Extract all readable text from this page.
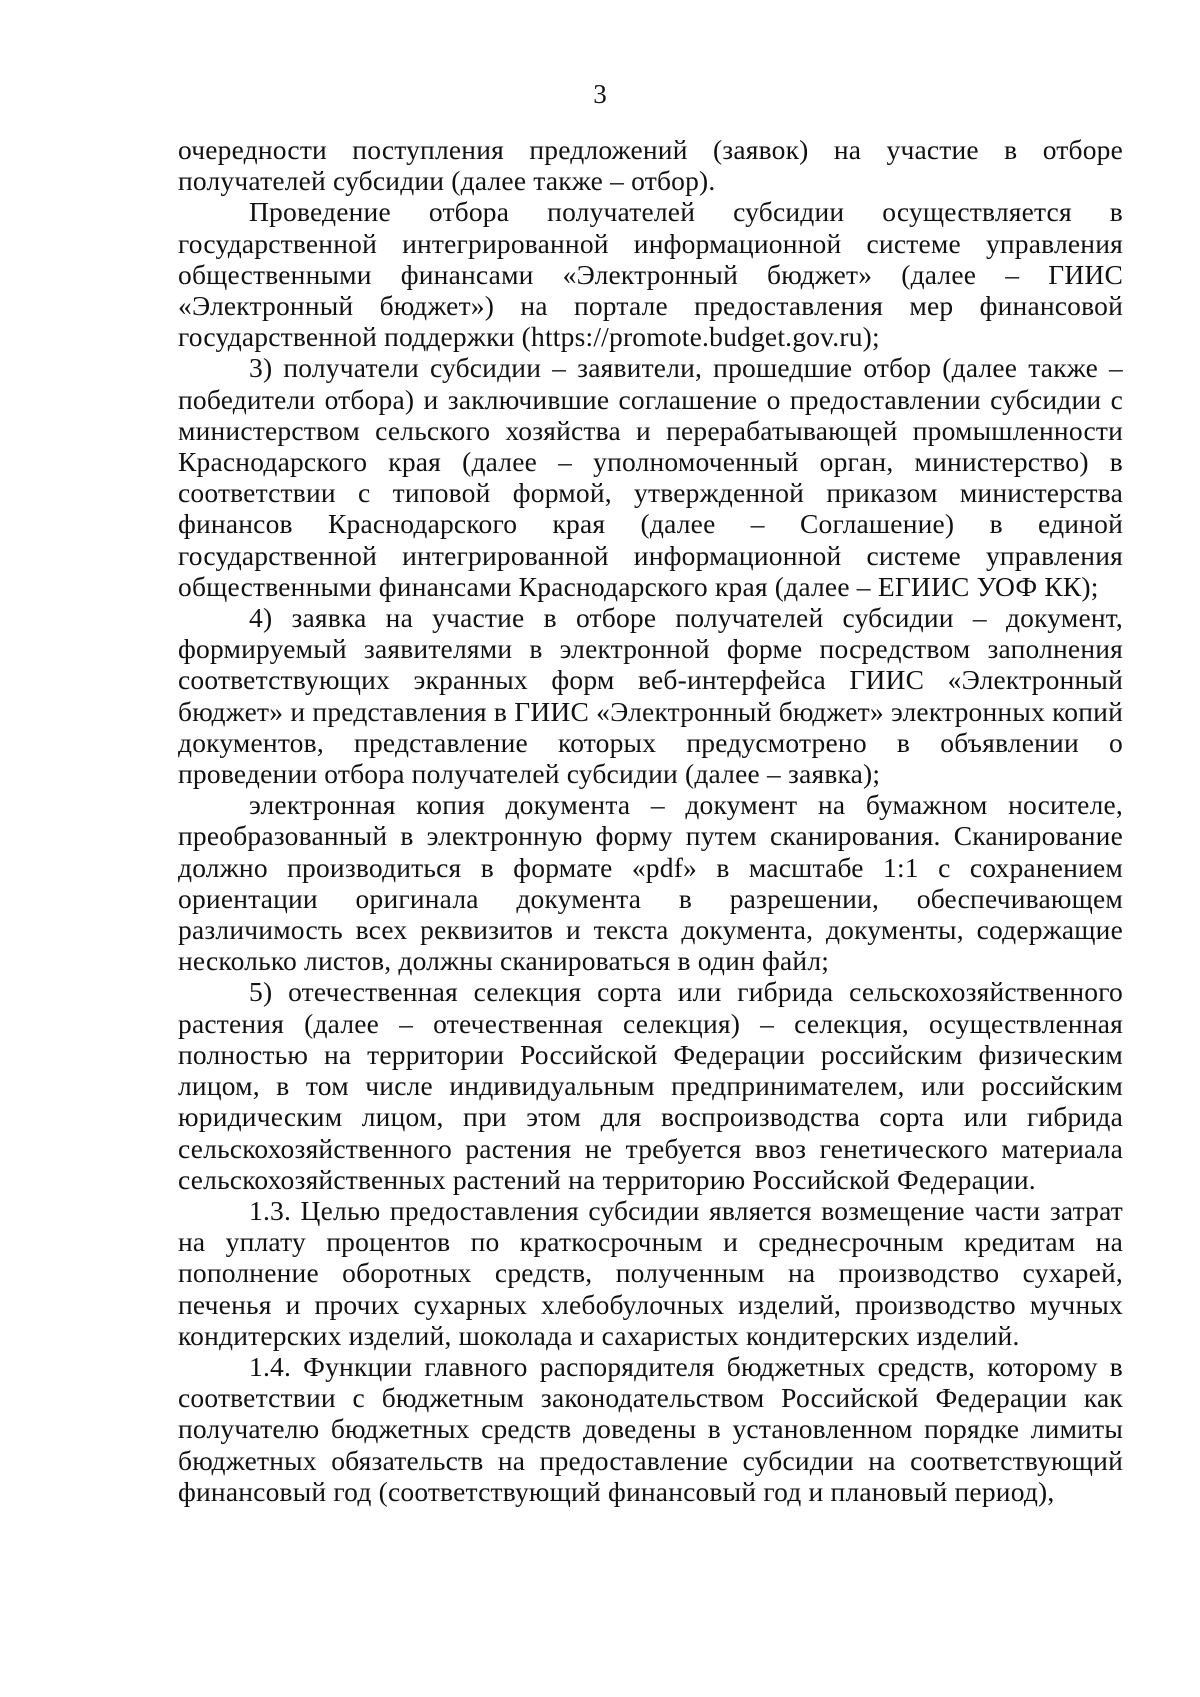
3

очередности поступления предложений (заявок) на участие в отборе получателей субсидии (далее также – отбор).

Проведение отбора получателей субсидии осуществляется в государственной интегрированной информационной системе управления общественными финансами «Электронный бюджет» (далее – ГИИС «Электронный бюджет») на портале предоставления мер финансовой государственной поддержки (https://promote.budget.gov.ru);

3) получатели субсидии – заявители, прошедшие отбор (далее также – победители отбора) и заключившие соглашение о предоставлении субсидии с министерством сельского хозяйства и перерабатывающей промышленности Краснодарского края (далее – уполномоченный орган, министерство) в соответствии с типовой формой, утвержденной приказом министерства финансов Краснодарского края (далее – Соглашение) в единой государственной интегрированной информационной системе управления общественными финансами Краснодарского края (далее – ЕГИИС УОФ КК);

4) заявка на участие в отборе получателей субсидии – документ, формируемый заявителями в электронной форме посредством заполнения соответствующих экранных форм веб-интерфейса ГИИС «Электронный бюджет» и представления в ГИИС «Электронный бюджет» электронных копий документов, представление которых предусмотрено в объявлении о проведении отбора получателей субсидии (далее – заявка);

электронная копия документа – документ на бумажном носителе, преобразованный в электронную форму путем сканирования. Сканирование должно производиться в формате «pdf» в масштабе 1:1 с сохранением ориентации оригинала документа в разрешении, обеспечивающем различимость всех реквизитов и текста документа, документы, содержащие несколько листов, должны сканироваться в один файл;

5) отечественная селекция сорта или гибрида сельскохозяйственного растения (далее – отечественная селекция) – селекция, осуществленная полностью на территории Российской Федерации российским физическим лицом, в том числе индивидуальным предпринимателем, или российским юридическим лицом, при этом для воспроизводства сорта или гибрида сельскохозяйственного растения не требуется ввоз генетического материала сельскохозяйственных растений на территорию Российской Федерации.

1.3. Целью предоставления субсидии является возмещение части затрат на уплату процентов по краткосрочным и среднесрочным кредитам на пополнение оборотных средств, полученным на производство сухарей, печенья и прочих сухарных хлебобулочных изделий, производство мучных кондитерских изделий, шоколада и сахаристых кондитерских изделий.

1.4. Функции главного распорядителя бюджетных средств, которому в соответствии с бюджетным законодательством Российской Федерации как получателю бюджетных средств доведены в установленном порядке лимиты бюджетных обязательств на предоставление субсидии на соответствующий финансовый год (соответствующий финансовый год и плановый период),
